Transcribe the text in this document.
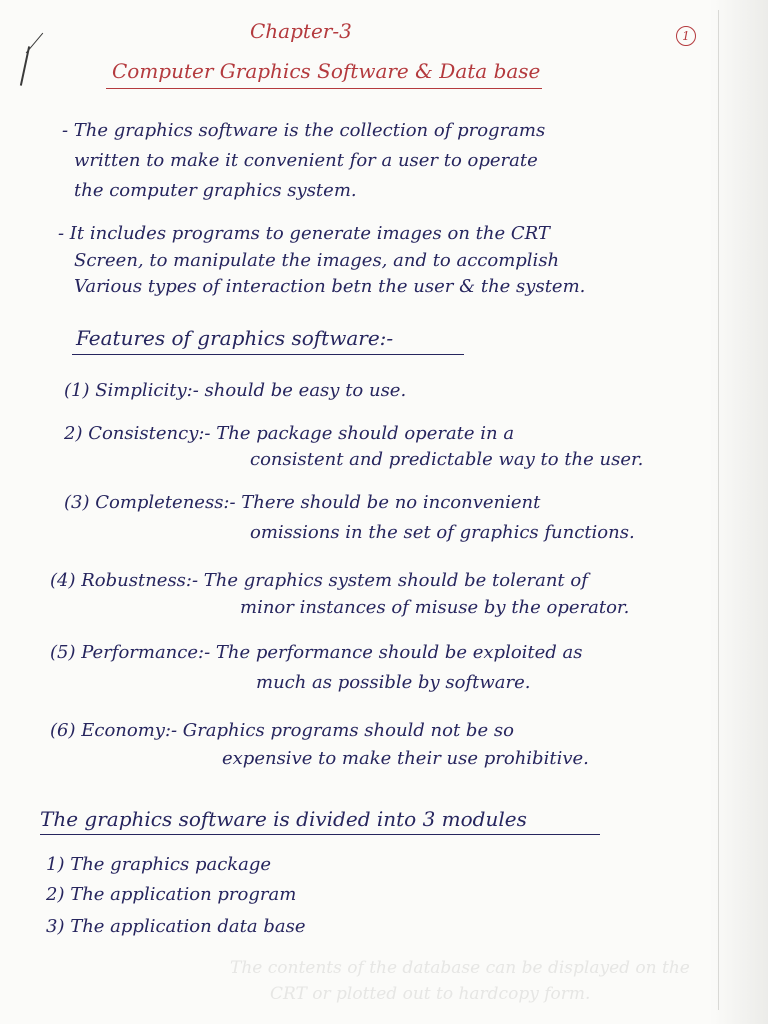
1

Chapter-3

Computer Graphics Software & Data base

- The graphics software is the collection of programs

written to make it convenient for a user to operate

the computer graphics system.

- It includes programs to generate images on the CRT

Screen, to manipulate the images, and to accomplish

Various types of interaction betn the user & the system.

Features of graphics software:-

(1) Simplicity:- should be easy to use.

2) Consistency:- The package should operate in a

consistent and predictable way to the user.

(3) Completeness:- There should be no inconvenient

omissions in the set of graphics functions.

(4) Robustness:- The graphics system should be tolerant of

minor instances of misuse by the operator.

(5) Performance:- The performance should be exploited as

much as possible by software.

(6) Economy:- Graphics programs should not be so

expensive to make their use prohibitive.

The graphics software is divided into 3 modules

1) The graphics package

2) The application program

3) The application data base

The contents of the database can be displayed on the

CRT or plotted out to hardcopy form.
